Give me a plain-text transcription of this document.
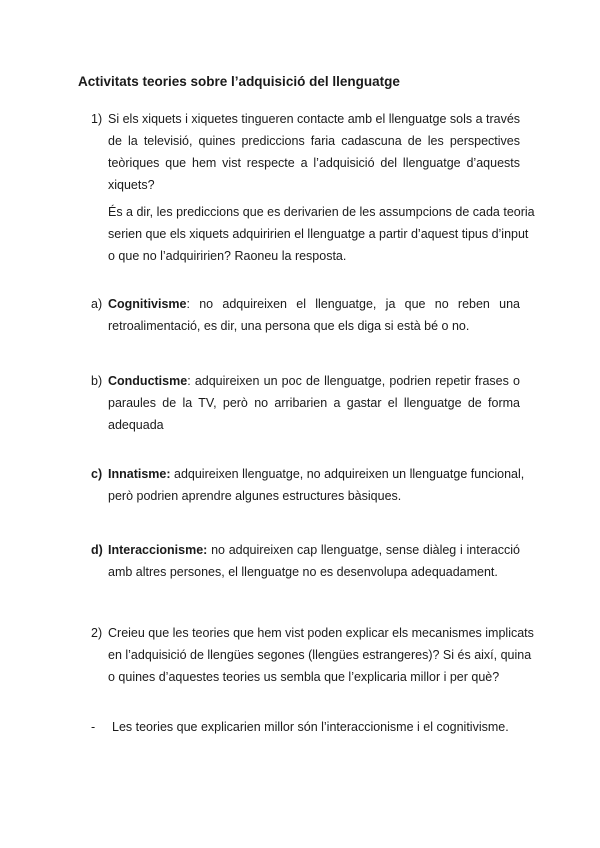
Activitats teories sobre l’adquisició del llenguatge
1) Si els xiquets i xiquetes tingueren contacte amb el llenguatge sols a través
de la televisió, quines prediccions faria cadascuna de les perspectives
teòriques que hem vist respecte a l’adquisició del llenguatge d’aquests
xiquets?
És a dir, les prediccions que es derivarien de les assumpcions de cada teoria
serien que els xiquets adquiririen el llenguatge a partir d’aquest tipus d’input
o que no l’adquiririen? Raoneu la resposta.
a) Cognitivisme: no adquireixen el llenguatge, ja que no reben una
retroalimentació, es dir, una persona que els diga si està bé o no.
b) Conductisme: adquireixen un poc de llenguatge, podrien repetir frases o
paraules de la TV, però no arribarien a gastar el llenguatge de forma
adequada
c) Innatisme: adquireixen llenguatge, no adquireixen un llenguatge funcional,
però podrien aprendre algunes estructures bàsiques.
d) Interaccionisme: no adquireixen cap llenguatge, sense diàleg i interacció
amb altres persones, el llenguatge no es desenvolupa adequadament.
2) Creieu que les teories que hem vist poden explicar els mecanismes implicats
en l’adquisició de llengües segones (llengües estrangeres)? Si és així, quina
o quines d’aquestes teories us sembla que l’explicaria millor i per què?
- Les teories que explicarien millor són l’interaccionisme i el cognitivisme.
